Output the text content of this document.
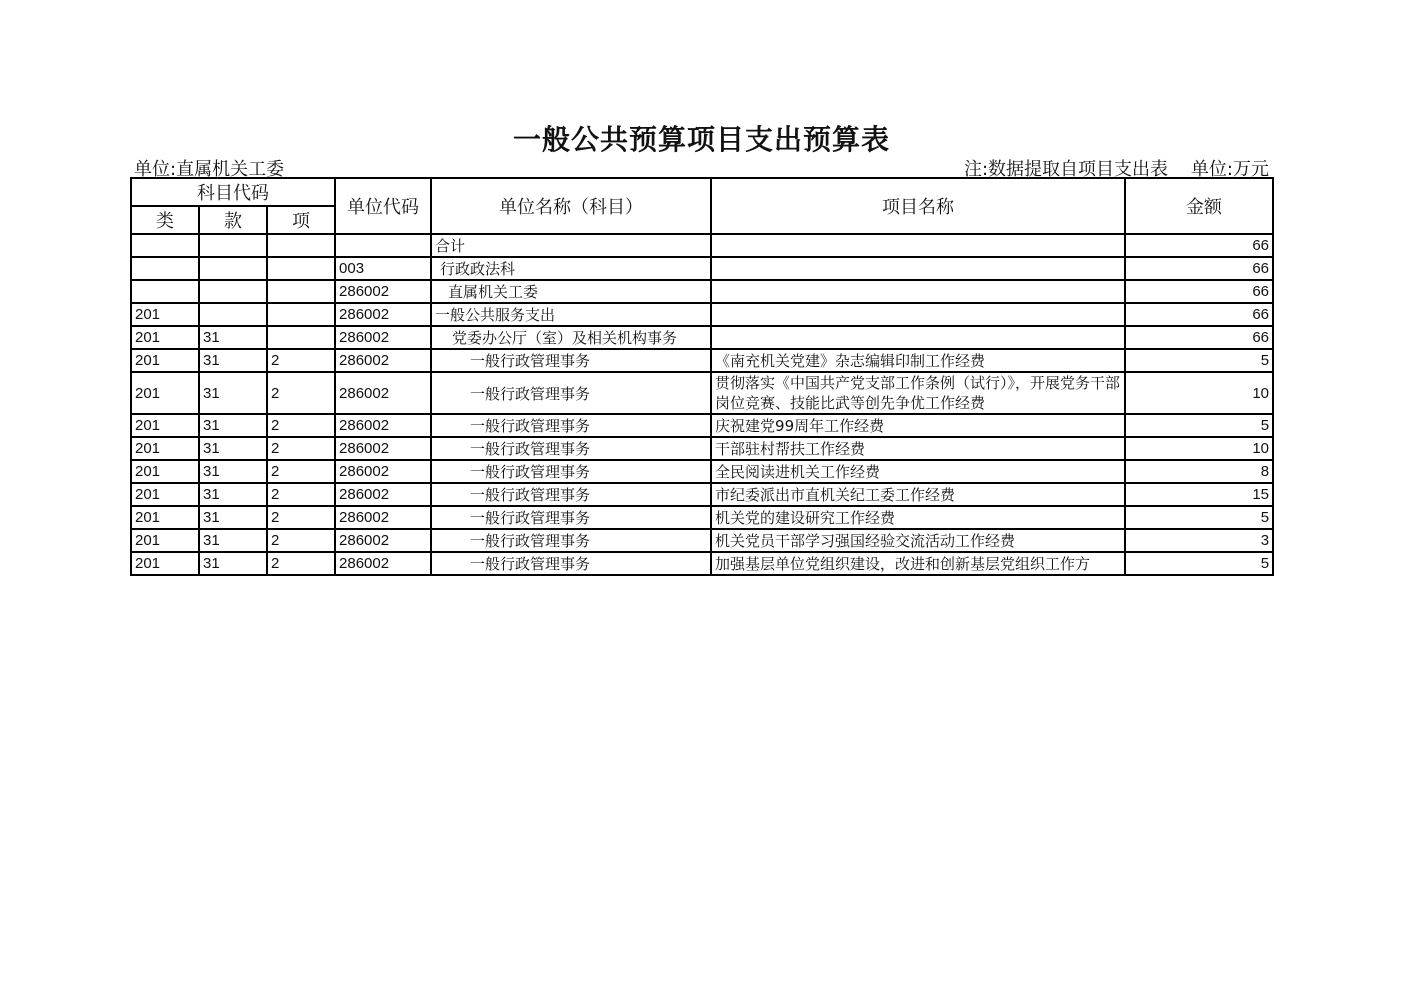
一般公共预算项目支出预算表
单位:直属机关工委	注:数据提取自项目支出表    单位:万元
科目代码			单位代码	单位名称（科目）	项目名称	金额
类	款	项				
				合计		66
			003	行政政法科		66
			286002	直属机关工委		66
201			286002	一般公共服务支出		66
201	31		286002	党委办公厅（室）及相关机构事务		66
201	31	2	286002	一般行政管理事务	《南充机关党建》杂志编辑印制工作经费	5
201	31	2	286002	一般行政管理事务	贯彻落实《中国共产党支部工作条例（试行）》，开展党务干部岗位竞赛、技能比武等创先争优工作经费	10
201	31	2	286002	一般行政管理事务	庆祝建党99周年工作经费	5
201	31	2	286002	一般行政管理事务	干部驻村帮扶工作经费	10
201	31	2	286002	一般行政管理事务	全民阅读进机关工作经费	8
201	31	2	286002	一般行政管理事务	市纪委派出市直机关纪工委工作经费	15
201	31	2	286002	一般行政管理事务	机关党的建设研究工作经费	5
201	31	2	286002	一般行政管理事务	机关党员干部学习强国经验交流活动工作经费	3
201	31	2	286002	一般行政管理事务	加强基层单位党组织建设，改进和创新基层党组织工作方	5
